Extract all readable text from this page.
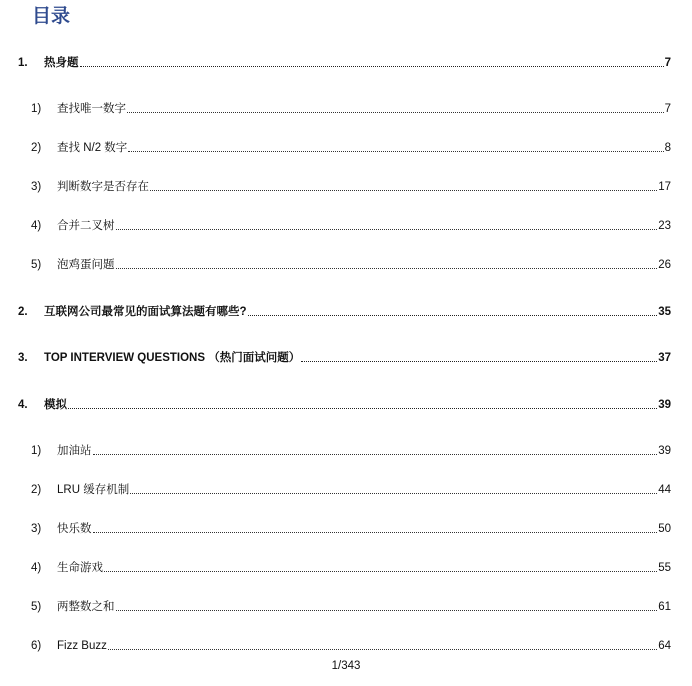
目录
1.	热身题	7
1)	查找唯一数字	7
2)	查找 N/2 数字	8
3)	判断数字是否存在	17
4)	合并二叉树	23
5)	泡鸡蛋问题	26
2.	互联网公司最常见的面试算法题有哪些?	35
3.	TOP INTERVIEW QUESTIONS （热门面试问题）	37
4.	模拟	39
1)	加油站	39
2)	LRU 缓存机制	44
3)	快乐数	50
4)	生命游戏	55
5)	两整数之和	61
6)	Fizz Buzz	64
1/343
